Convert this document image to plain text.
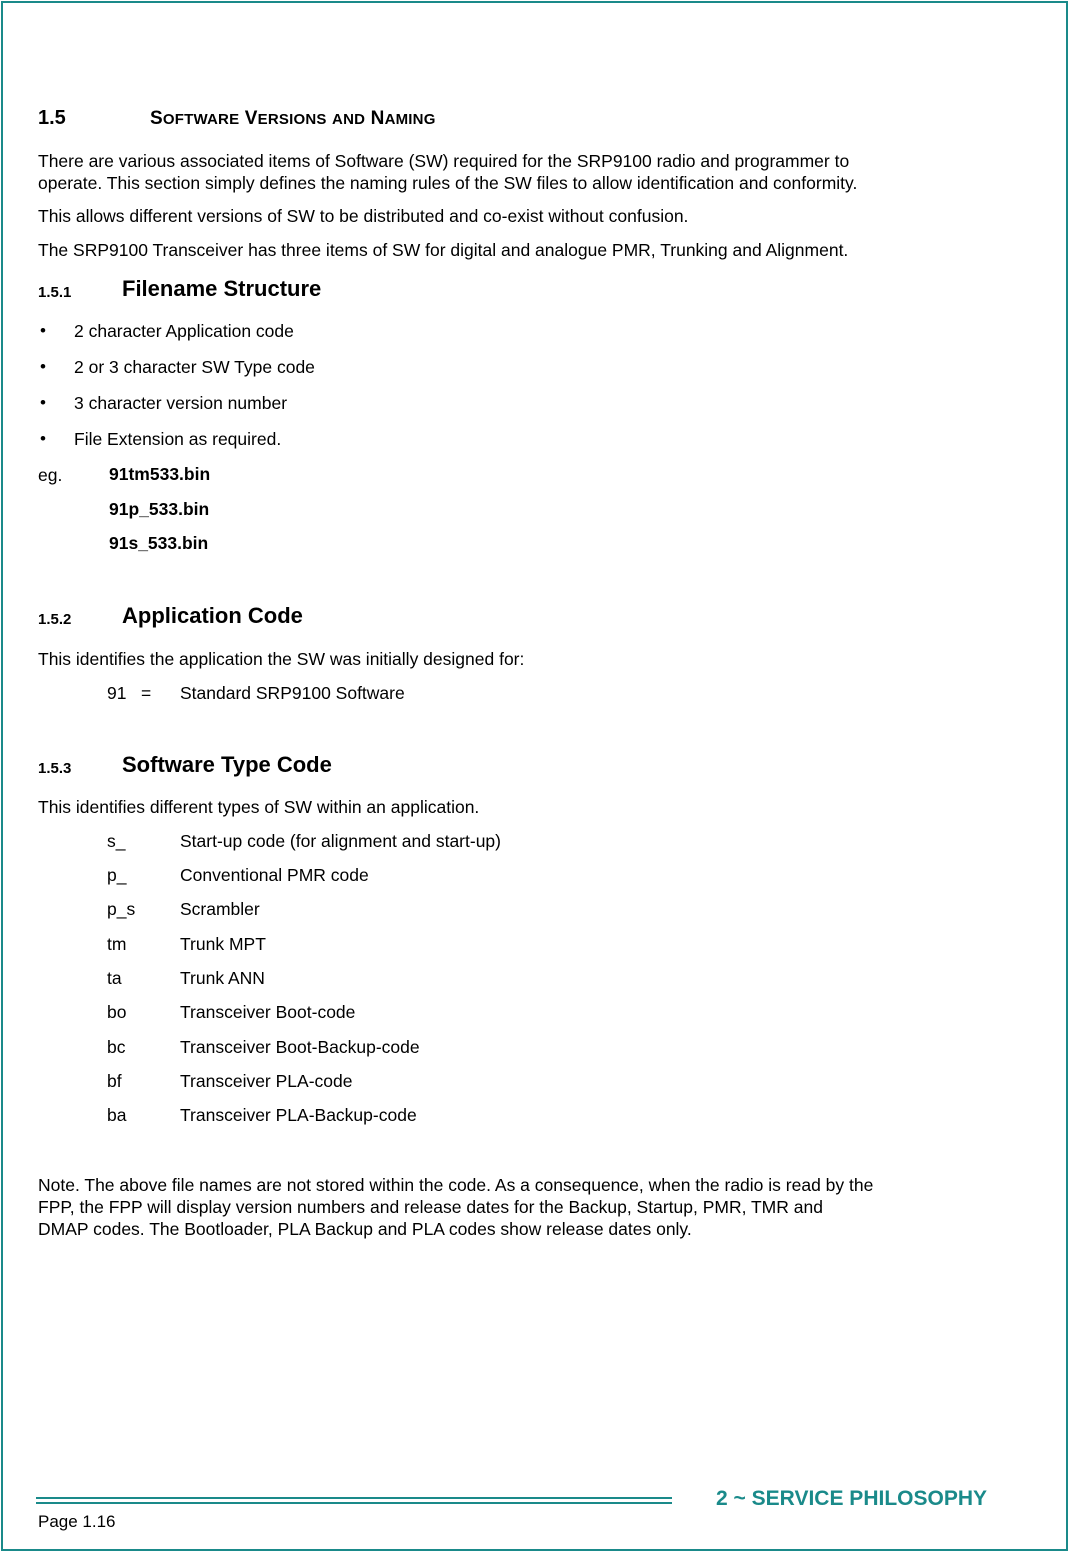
1.5	SOFTWARE VERSIONS AND NAMING
There are various associated items of Software (SW) required for the SRP9100 radio and programmer to
operate. This section simply defines the naming rules of the SW files to allow identification and conformity.
This allows different versions of SW to be distributed and co-exist without confusion.
The SRP9100 Transceiver has three items of SW for digital and analogue PMR, Trunking and Alignment.
1.5.1 Filename Structure
• 2 character Application code
• 2 or 3 character SW Type code
• 3 character version number
• File Extension as required.
eg.	91tm533.bin
91p_533.bin
91s_533.bin
1.5.2 Application Code
This identifies the application the SW was initially designed for:
91 = Standard SRP9100 Software
1.5.3 Software Type Code
This identifies different types of SW within an application.
s_	Start-up code (for alignment and start-up)
p_	Conventional PMR code
p_s	Scrambler
tm	Trunk MPT
ta	Trunk ANN
bo	Transceiver Boot-code
bc	Transceiver Boot-Backup-code
bf	Transceiver PLA-code
ba	Transceiver PLA-Backup-code
Note. The above file names are not stored within the code. As a consequence, when the radio is read by the
FPP, the FPP will display version numbers and release dates for the Backup, Startup, PMR, TMR and
DMAP codes. The Bootloader, PLA Backup and PLA codes show release dates only.
2 ~ SERVICE PHILOSOPHY
Page 1.16
